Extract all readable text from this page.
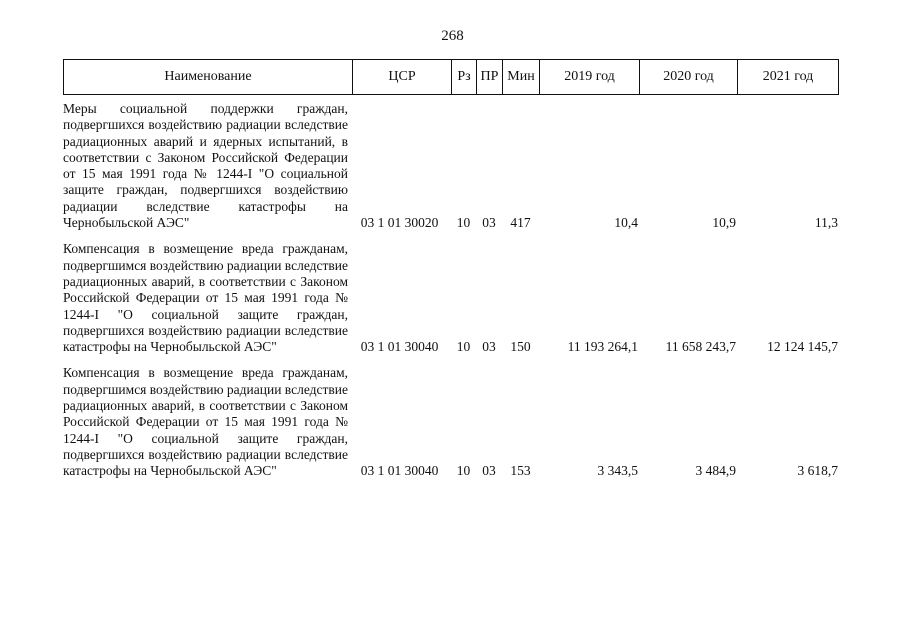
268
Наименование	ЦСР	Рз ПР Мин	2019 год	2020 год	2021 год
Меры социальной поддержки граждан, подвергшихся воздействию радиации вследствие радиационных аварий и ядерных испытаний, в соответствии с Законом Российской Федерации от 15 мая 1991 года № 1244-I "О социальной защите граждан, подвергшихся воздействию радиации вследствие катастрофы на Чернобыльской АЭС"	03 1 01 30020	10 03	417	10,4	10,9	11,3
Компенсация в возмещение вреда гражданам, подвергшимся воздействию радиации вследствие радиационных аварий, в соответствии с Законом Российской Федерации от 15 мая 1991 года № 1244-I "О социальной защите граждан, подвергшихся воздействию радиации вследствие катастрофы на Чернобыльской АЭС"	03 1 01 30040	10 03	150	11 193 264,1	11 658 243,7	12 124 145,7
Компенсация в возмещение вреда гражданам, подвергшимся воздействию радиации вследствие радиационных аварий, в соответствии с Законом Российской Федерации от 15 мая 1991 года № 1244-I "О социальной защите граждан, подвергшихся воздействию радиации вследствие катастрофы на Чернобыльской АЭС"	03 1 01 30040	10 03	153	3 343,5	3 484,9	3 618,7
